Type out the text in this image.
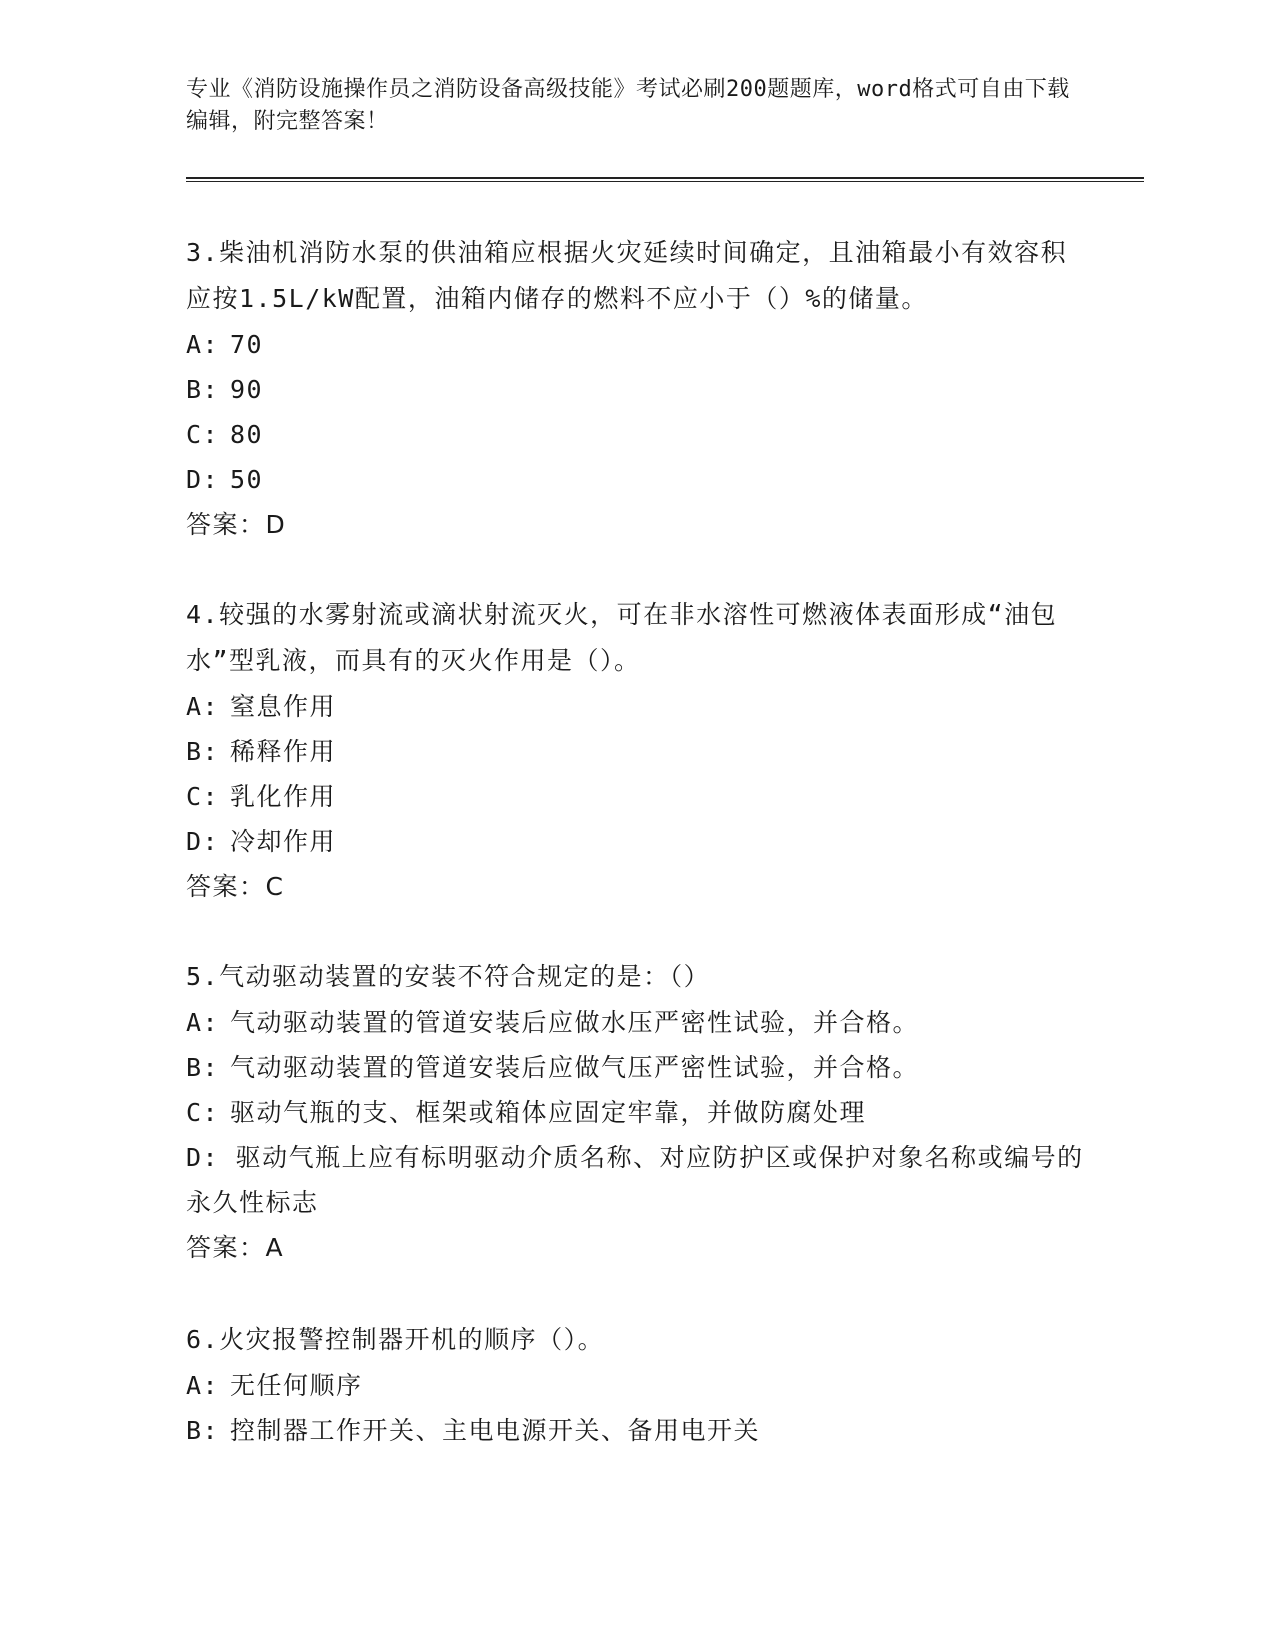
专业《消防设施操作员之消防设备高级技能》考试必刷200题题库，word格式可自由下载编辑，附完整答案！
3.柴油机消防水泵的供油箱应根据火灾延续时间确定，且油箱最小有效容积应按1.5L/kW配置，油箱内储存的燃料不应小于（）%的储量。
A: 70
B: 90
C: 80
D: 50
答案：D
4.较强的水雾射流或滴状射流灭火，可在非水溶性可燃液体表面形成“油包水”型乳液，而具有的灭火作用是（）。
A: 窒息作用
B: 稀释作用
C: 乳化作用
D: 冷却作用
答案：C
5.气动驱动装置的安装不符合规定的是：（）
A: 气动驱动装置的管道安装后应做水压严密性试验，并合格。
B: 气动驱动装置的管道安装后应做气压严密性试验，并合格。
C: 驱动气瓶的支、框架或箱体应固定牢靠，并做防腐处理
D: 驱动气瓶上应有标明驱动介质名称、对应防护区或保护对象名称或编号的永久性标志
答案：A
6.火灾报警控制器开机的顺序（）。
A: 无任何顺序
B: 控制器工作开关、主电电源开关、备用电开关
